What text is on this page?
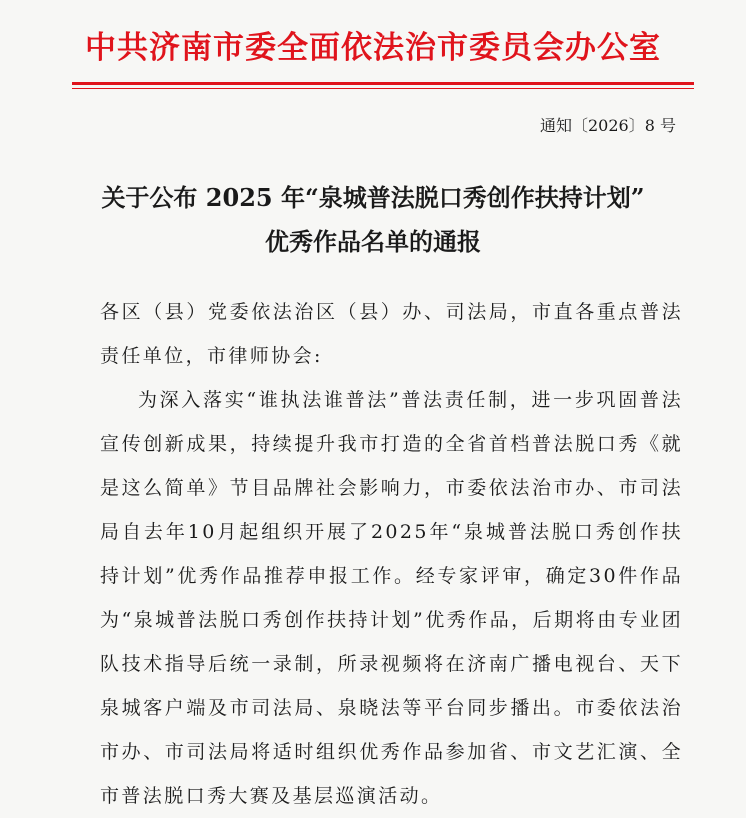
中共济南市委全面依法治市委员会办公室
通知〔2026〕8 号
关于公布 2025 年“泉城普法脱口秀创作扶持计划”
优秀作品名单的通报

各区（县）党委依法治区（县）办、司法局，市直各重点普法责任单位，市律师协会:

为深入落实“谁执法谁普法”普法责任制，进一步巩固普法宣传创新成果，持续提升我市打造的全省首档普法脱口秀《就是这么简单》节目品牌社会影响力，市委依法治市办、市司法局自去年10月起组织开展了2025年“泉城普法脱口秀创作扶持计划”优秀作品推荐申报工作。经专家评审，确定30件作品为“泉城普法脱口秀创作扶持计划”优秀作品，后期将由专业团队技术指导后统一录制，所录视频将在济南广播电视台、天下泉城客户端及市司法局、泉晓法等平台同步播出。市委依法治市办、市司法局将适时组织优秀作品参加省、市文艺汇演、全市普法脱口秀大赛及基层巡演活动。
